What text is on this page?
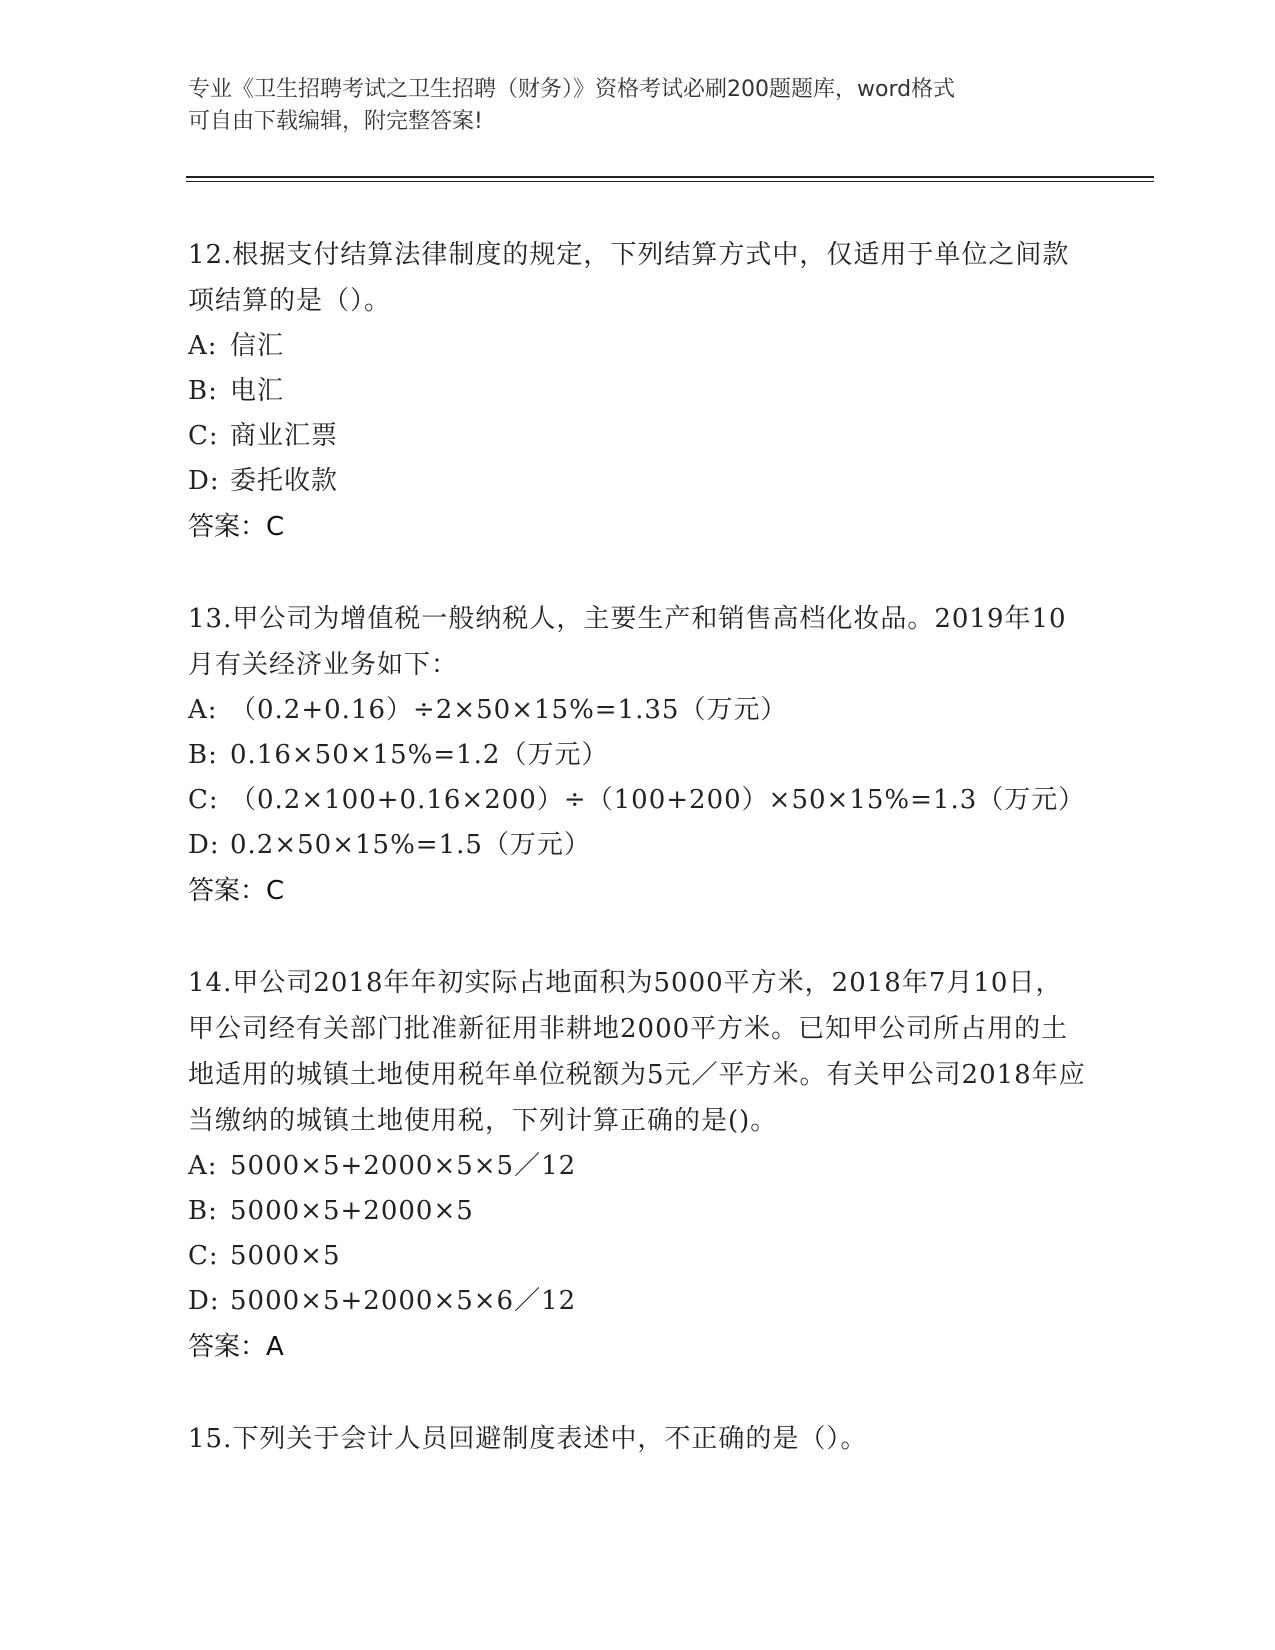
专业《卫生招聘考试之卫生招聘（财务）》资格考试必刷200题题库，word格式
可自由下载编辑，附完整答案!
12.根据支付结算法律制度的规定，下列结算方式中，仅适用于单位之间款项结算的是（）。
A: 信汇
B: 电汇
C: 商业汇票
D: 委托收款
答案：C
13.甲公司为增值税一般纳税人，主要生产和销售高档化妆品。2019年10月有关经济业务如下：
A: （0.2+0.16）÷2×50×15%=1.35（万元）
B: 0.16×50×15%=1.2（万元）
C: （0.2×100+0.16×200）÷（100+200）×50×15%=1.3（万元）
D: 0.2×50×15%=1.5（万元）
答案：C
14.甲公司2018年年初实际占地面积为5000平方米，2018年7月10日，甲公司经有关部门批准新征用非耕地2000平方米。已知甲公司所占用的土地适用的城镇土地使用税年单位税额为5元／平方米。有关甲公司2018年应当缴纳的城镇土地使用税，下列计算正确的是()。
A: 5000×5+2000×5×5／12
B: 5000×5+2000×5
C: 5000×5
D: 5000×5+2000×5×6／12
答案：A
15.下列关于会计人员回避制度表述中，不正确的是（）。
